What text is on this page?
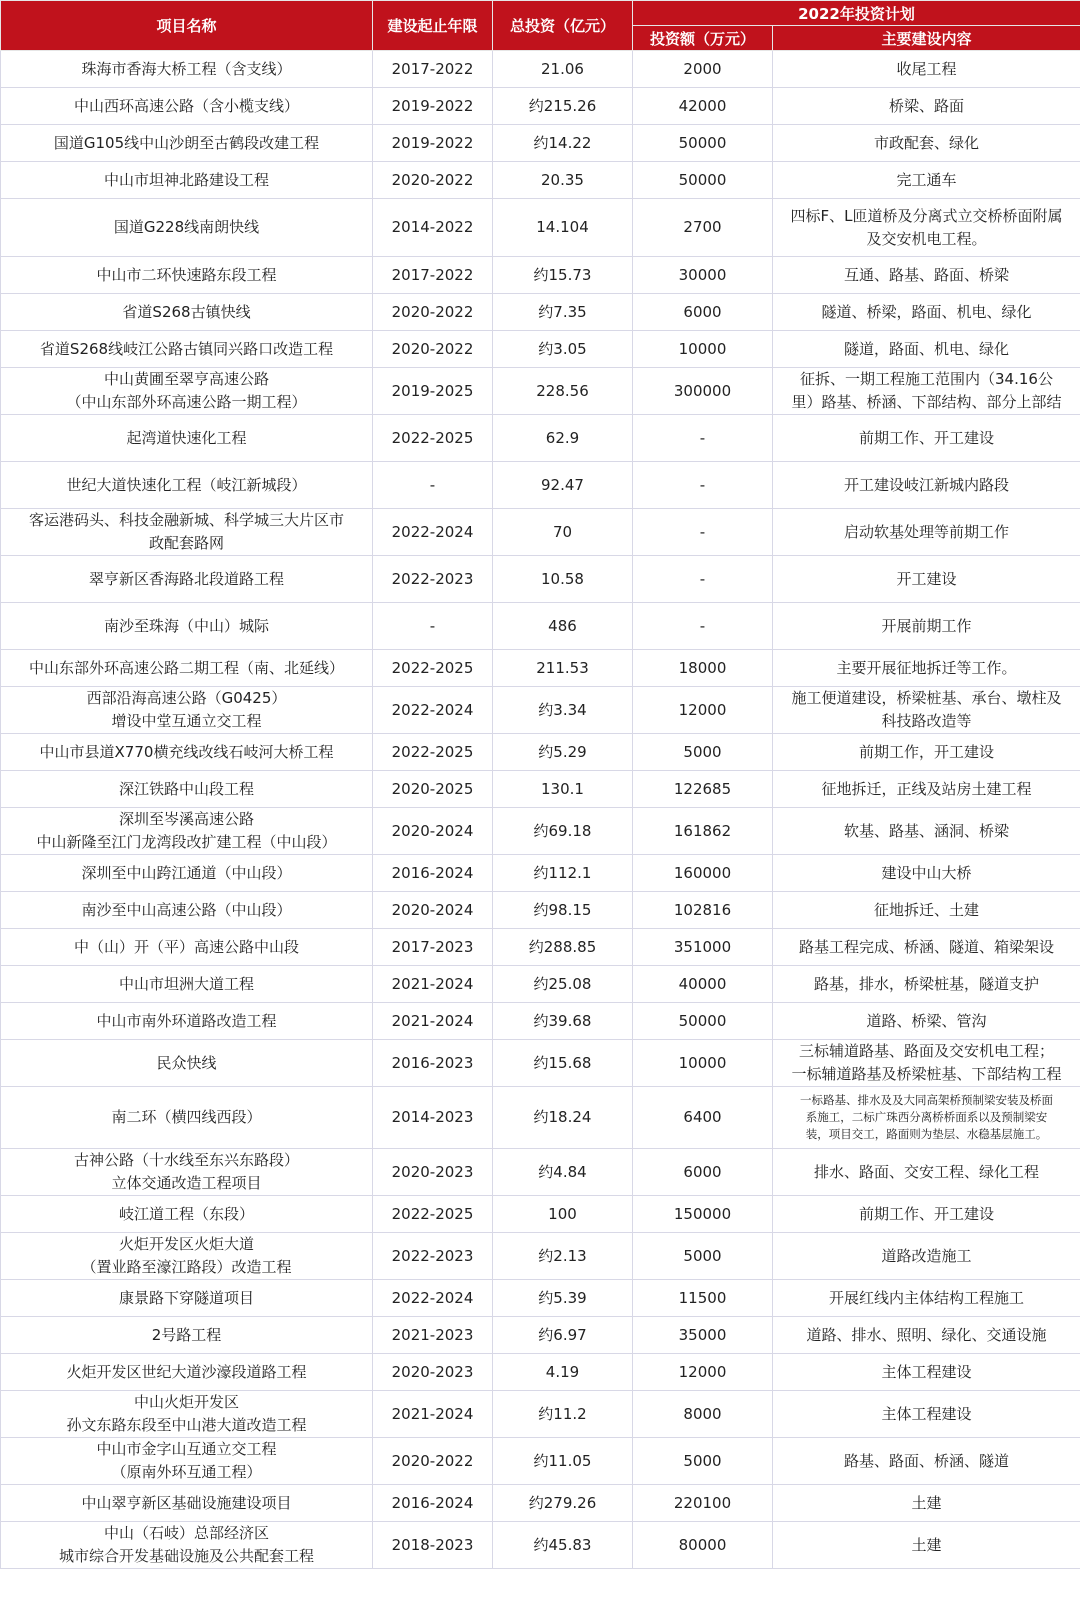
项目名称	建设起止年限	总投资（亿元）	2022年投资计划	
			投资额（万元）	主要建设内容

珠海市香海大桥工程（含支线）	2017-2022	21.06	2000	收尾工程

中山西环高速公路（含小榄支线）	2019-2022	约215.26	42000	桥梁、路面

国道G105线中山沙朗至古鹤段改建工程	2019-2022	约14.22	50000	市政配套、绿化

中山市坦神北路建设工程	2020-2022	20.35	50000	完工通车

国道G228线南朗快线	2014-2022	14.104	2700	四标F、L匝道桥及分离式立交桥桥面附属
及交安机电工程。

中山市二环快速路东段工程	2017-2022	约15.73	30000	互通、路基、路面、桥梁

省道S268古镇快线	2020-2022	约7.35	6000	隧道、桥梁，路面、机电、绿化

省道S268线岐江公路古镇同兴路口改造工程	2020-2022	约3.05	10000	隧道，路面、机电、绿化

中山黄圃至翠亨高速公路
（中山东部外环高速公路一期工程）	2019-2025	228.56	300000	征拆、一期工程施工范围内（34.16公
里）路基、桥涵、下部结构、部分上部结

起湾道快速化工程	2022-2025	62.9	-	前期工作、开工建设

世纪大道快速化工程（岐江新城段）	-	92.47	-	开工建设岐江新城内路段

客运港码头、科技金融新城、科学城三大片区市
政配套路网	2022-2024	70	-	启动软基处理等前期工作

翠亨新区香海路北段道路工程	2022-2023	10.58	-	开工建设

南沙至珠海（中山）城际	-	486	-	开展前期工作

中山东部外环高速公路二期工程（南、北延线）	2022-2025	211.53	18000	主要开展征地拆迁等工作。

西部沿海高速公路（G0425）
增设中堂互通立交工程	2022-2024	约3.34	12000	施工便道建设，桥梁桩基、承台、墩柱及
科技路改造等

中山市县道X770横充线改线石岐河大桥工程	2022-2025	约5.29	5000	前期工作，开工建设

深江铁路中山段工程	2020-2025	130.1	122685	征地拆迁，正线及站房土建工程

深圳至岑溪高速公路
中山新隆至江门龙湾段改扩建工程（中山段）	2020-2024	约69.18	161862	软基、路基、涵洞、桥梁

深圳至中山跨江通道（中山段）	2016-2024	约112.1	160000	建设中山大桥

南沙至中山高速公路（中山段）	2020-2024	约98.15	102816	征地拆迁、土建

中（山）开（平）高速公路中山段	2017-2023	约288.85	351000	路基工程完成、桥涵、隧道、箱梁架设

中山市坦洲大道工程	2021-2024	约25.08	40000	路基，排水，桥梁桩基，隧道支护

中山市南外环道路改造工程	2021-2024	约39.68	50000	道路、桥梁、管沟

民众快线	2016-2023	约15.68	10000	三标辅道路基、路面及交安机电工程；
一标辅道路基及桥梁桩基、下部结构工程

南二环（横四线西段）	2014-2023	约18.24	6400	一标路基、排水及及大同高架桥预制梁安装及桥面
系施工，二标广珠西分离桥桥面系以及预制梁安
装，项目交工，路面则为垫层、水稳基层施工。

古神公路（十水线至东兴东路段）
立体交通改造工程项目	2020-2023	约4.84	6000	排水、路面、交安工程、绿化工程

岐江道工程（东段）	2022-2025	100	150000	前期工作、开工建设

火炬开发区火炬大道
（置业路至濠江路段）改造工程	2022-2023	约2.13	5000	道路改造施工

康景路下穿隧道项目	2022-2024	约5.39	11500	开展红线内主体结构工程施工

2号路工程	2021-2023	约6.97	35000	道路、排水、照明、绿化、交通设施

火炬开发区世纪大道沙濠段道路工程	2020-2023	4.19	12000	主体工程建设

中山火炬开发区
孙文东路东段至中山港大道改造工程	2021-2024	约11.2	8000	主体工程建设

中山市金字山互通立交工程
（原南外环互通工程）	2020-2022	约11.05	5000	路基、路面、桥涵、隧道

中山翠亨新区基础设施建设项目	2016-2024	约279.26	220100	土建

中山（石岐）总部经济区
城市综合开发基础设施及公共配套工程	2018-2023	约45.83	80000	土建
